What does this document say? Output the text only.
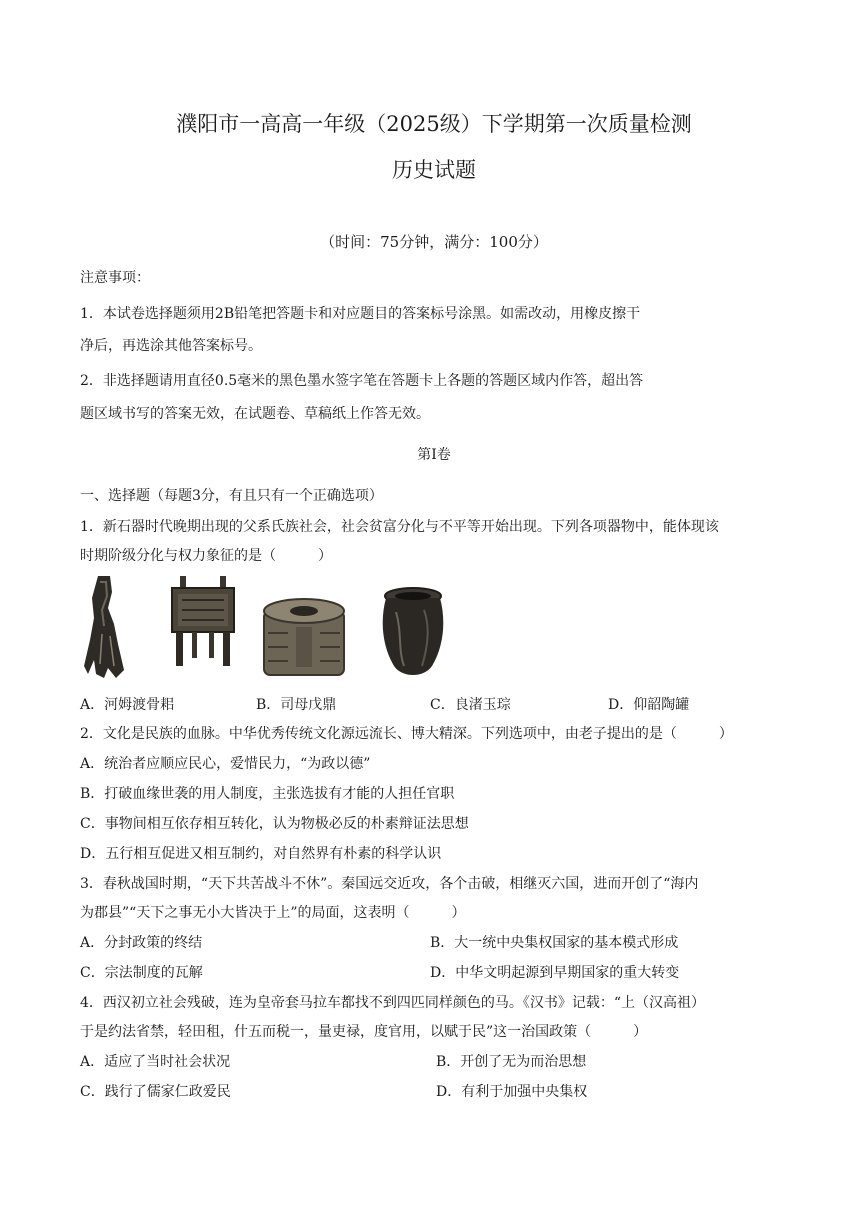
濮阳市一高高一年级（2025级）下学期第一次质量检测
历史试题
（时间：75分钟，满分：100分）
注意事项：
1．本试卷选择题须用2B铅笔把答题卡和对应题目的答案标号涂黑。如需改动，用橡皮擦干
净后，再选涂其他答案标号。
2．非选择题请用直径0.5毫米的黑色墨水签字笔在答题卡上各题的答题区域内作答，超出答
题区域书写的答案无效，在试题卷、草稿纸上作答无效。
第Ⅰ卷
一、选择题（每题3分，有且只有一个正确选项）
1．新石器时代晚期出现的父系氏族社会，社会贫富分化与不平等开始出现。下列各项器物中，能体现该
时期阶级分化与权力象征的是（　　　）
A．河姆渡骨耜	B．司母戊鼎	C．良渚玉琮	D．仰韶陶罐
2．文化是民族的血脉。中华优秀传统文化源远流长、博大精深。下列选项中，由老子提出的是（　　　）
A．统治者应顺应民心，爱惜民力，“为政以德”
B．打破血缘世袭的用人制度，主张选拔有才能的人担任官职
C．事物间相互依存相互转化，认为物极必反的朴素辩证法思想
D．五行相互促进又相互制约，对自然界有朴素的科学认识
3．春秋战国时期，“天下共苦战斗不休”。秦国远交近攻，各个击破，相继灭六国，进而开创了“海内
为郡县”“天下之事无小大皆决于上”的局面，这表明（　　　）
A．分封政策的终结	B．大一统中央集权国家的基本模式形成
C．宗法制度的瓦解	D．中华文明起源到早期国家的重大转变
4．西汉初立社会残破，连为皇帝套马拉车都找不到四匹同样颜色的马。《汉书》记载：“上（汉高祖）
于是约法省禁，轻田租，什五而税一，量吏禄，度官用，以赋于民”这一治国政策（　　　）
A．适应了当时社会状况	B．开创了无为而治思想
C．践行了儒家仁政爱民	D．有利于加强中央集权
